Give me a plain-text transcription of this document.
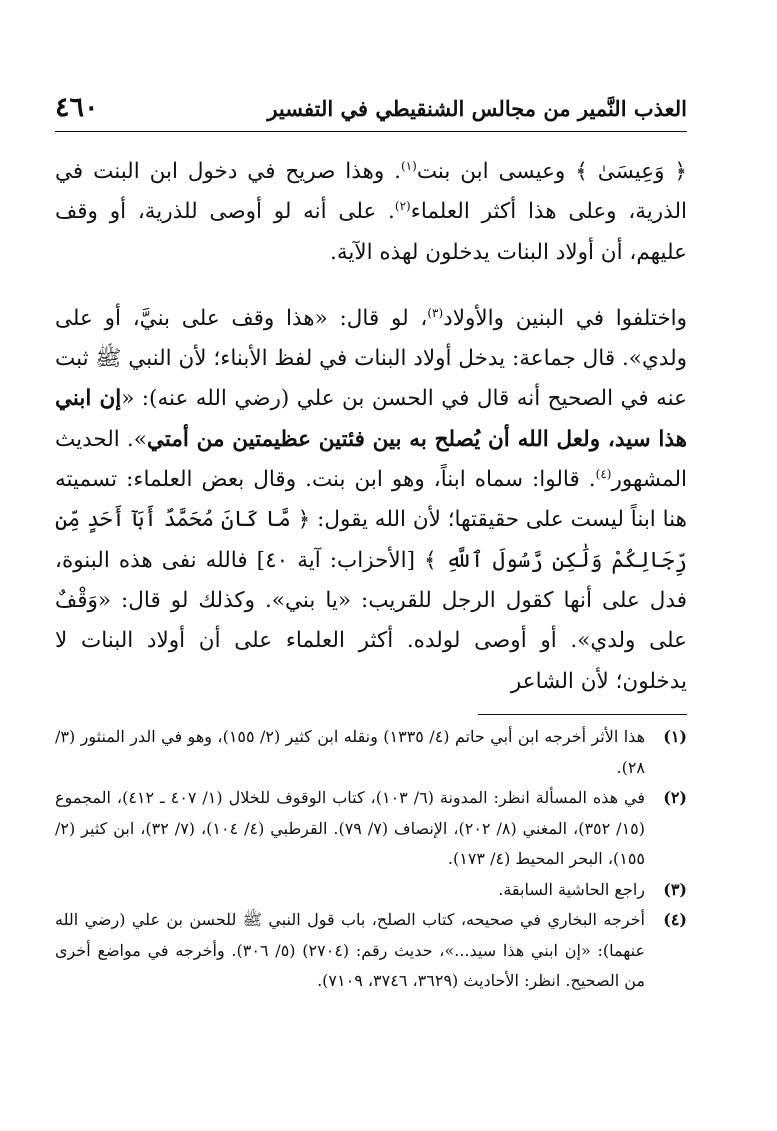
العذب النَّمير من مجالس الشنقيطي في التفسير
٤٦٠

﴿ وَعِيسَىٰ ﴾ وعيسى ابن بنت$^{(١)}$. وهذا صريح في دخول ابن البنت في الذرية، وعلى هذا أكثر العلماء$^{(٢)}$. على أنه لو أوصى للذرية، أو وقف عليهم، أن أولاد البنات يدخلون لهذه الآية.

واختلفوا في البنين والأولاد$^{(٣)}$، لو قال: «هذا وقف على بنيَّ، أو على ولدي». قال جماعة: يدخل أولاد البنات في لفظ الأبناء؛ لأن النبي ﷺ ثبت عنه في الصحيح أنه قال في الحسن بن علي (رضي الله عنه): «إن ابني هذا سيد، ولعل الله أن يُصلح به بين فئتين عظيمتين من أمتي». الحديث المشهور$^{(٤)}$. قالوا: سماه ابناً، وهو ابن بنت. وقال بعض العلماء: تسميته هنا ابناً ليست على حقيقتها؛ لأن الله يقول: ﴿ مَّا كَانَ مُحَمَّدٌ أَبَآ أَحَدٍ مِّن رِّجَالِكُمْ وَلَٰكِن رَّسُولَ ٱللَّهِ ﴾ [الأحزاب: آية ٤٠] فالله نفى هذه البنوة، فدل على أنها كقول الرجل للقريب: «يا بني». وكذلك لو قال: «وَقْفٌ على ولدي». أو أوصى لولده. أكثر العلماء على أن أولاد البنات لا يدخلون؛ لأن الشاعر

(١)
هذا الأثر أخرجه ابن أبي حاتم (٤/ ١٣٣٥) ونقله ابن كثير (٢/ ١٥٥)، وهو في الدر المنثور (٣/ ٢٨).

(٢)
في هذه المسألة انظر: المدونة (٦/ ١٠٣)، كتاب الوقوف للخلال (١/ ٤٠٧ ـ ٤١٢)، المجموع (١٥/ ٣٥٢)، المغني (٨/ ٢٠٢)، الإنصاف (٧/ ٧٩). القرطبي (٤/ ١٠٤)، (٧/ ٣٢)، ابن كثير (٢/ ١٥٥)، البحر المحيط (٤/ ١٧٣).

(٣)
راجع الحاشية السابقة.

(٤)
أخرجه البخاري في صحيحه، كتاب الصلح، باب قول النبي ﷺ للحسن بن علي (رضي الله عنهما): «إن ابني هذا سيد...»، حديث رقم: (٢٧٠٤) (٥/ ٣٠٦). وأخرجه في مواضع أخرى من الصحيح. انظر: الأحاديث (٣٦٢٩، ٣٧٤٦، ٧١٠٩).
